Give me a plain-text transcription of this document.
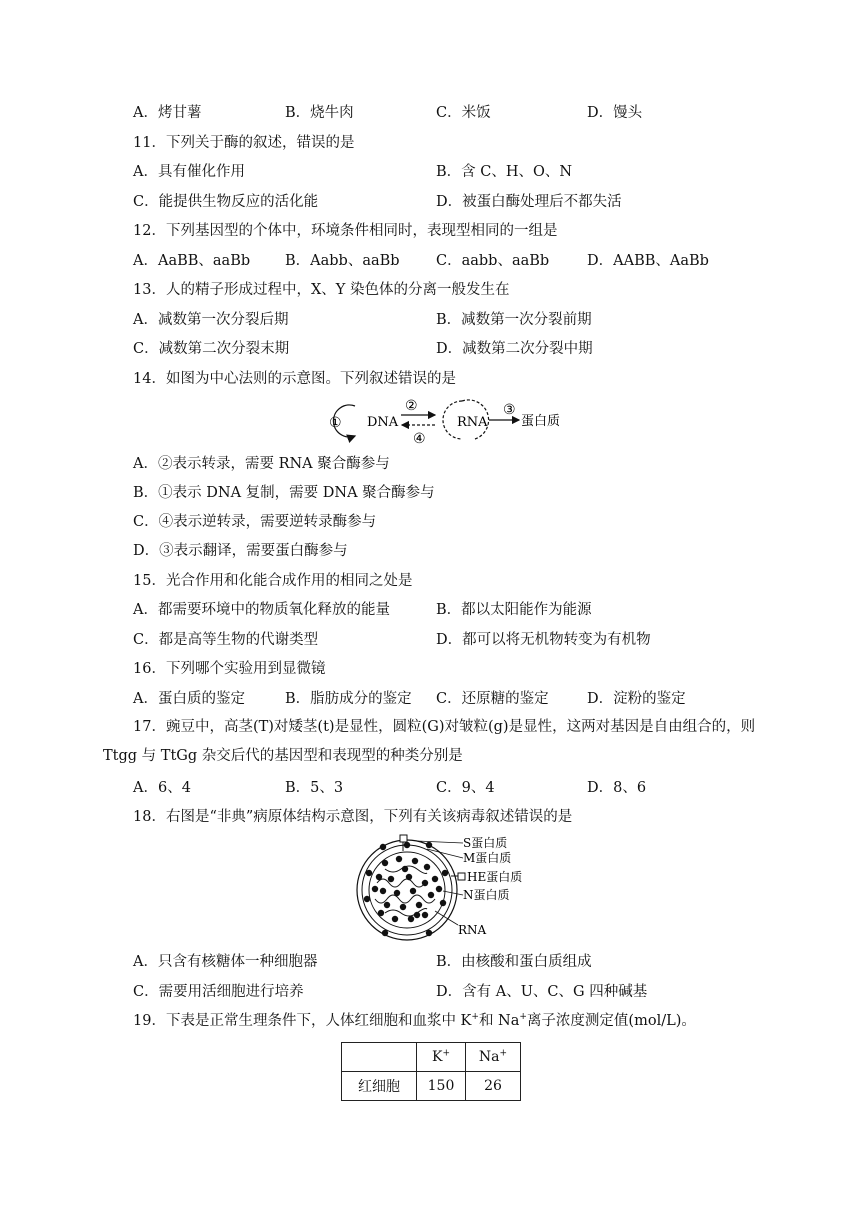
A．烤甘薯	B．烧牛肉	C．米饭	D．馒头
11．下列关于酶的叙述，错误的是
A．具有催化作用	B．含 C、H、O、N
C．能提供生物反应的活化能	D．被蛋白酶处理后不都失活
12．下列基因型的个体中，环境条件相同时，表现型相同的一组是
A．AaBB、aaBb B．Aabb、aaBb	C．aabb、aaBb	D．AABB、AaBb
13．人的精子形成过程中，X、Y 染色体的分离一般发生在
A．减数第一次分裂后期	B．减数第一次分裂前期
C．减数第二次分裂末期	D．减数第二次分裂中期
14．如图为中心法则的示意图。下列叙述错误的是
① DNA
②
④
RNA
③
蛋白质
A．②表示转录，需要 RNA 聚合酶参与
B．①表示 DNA 复制，需要 DNA 聚合酶参与
C．④表示逆转录，需要逆转录酶参与
D．③表示翻译，需要蛋白酶参与
15．光合作用和化能合成作用的相同之处是
A．都需要环境中的物质氧化释放的能量	B．都以太阳能作为能源
C．都是高等生物的代谢类型	D．都可以将无机物转变为有机物
16．下列哪个实验用到显微镜
A．蛋白质的鉴定	B．脂肪成分的鉴定 C．还原糖的鉴定	D．淀粉的鉴定
17．豌豆中，高茎(T)对矮茎(t)是显性，圆粒(G)对皱粒(g)是显性，这两对基因是自由组合的，则 Ttgg 与 TtGg 杂交后代的基因型和表现型的种类分别是
A．6、4	B．5、3	C．9、4	D．8、6
18．右图是“非典”病原体结构示意图，下列有关该病毒叙述错误的是
S蛋白质
M蛋白质
HE蛋白质
N蛋白质
RNA
A．只含有核糖体一种细胞器	B．由核酸和蛋白质组成
C．需要用活细胞进行培养	D．含有 A、U、C、G 四种碱基
19．下表是正常生理条件下，人体红细胞和血浆中 K+和 Na+离子浓度测定值(mol/L)。
	K+	Na+
红细胞	150	26
